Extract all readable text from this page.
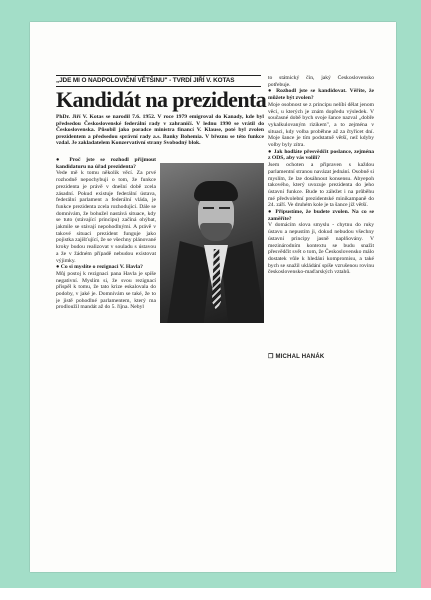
„JDE MI O NADPOLOVIČNÍ VĚTŠINU" - TVRDÍ JIŘÍ V. KOTAS
Kandidát na prezidenta
PhDr. Jiří V. Kotas se narodil 7.6. 1952. V roce 1979 emigroval do Kanady, kde byl předsedou Československé federální rady v zahraničí. V lednu 1990 se vrátil do Československa. Působil jako poradce ministra financí V. Klause, poté byl zvolen prezidentem a předsedou správní rady a.s. Banky Bohemia. V březnu se této funkce vzdal. Je zakladatelem Konzervativní strany Svobodný blok.

● Proč jste se rozhodl přijmout kandidaturu na úřad prezidenta?

Vede mě k tomu několik věcí. Za prvé rozhodně nepochybuji o tom, že funkce prezidenta je právě v dnešní době zcela zásadní. Pokud existuje federální ústava, federální parlament a federální vláda, je funkce prezidenta zcela rozhodující. Dále se domnívám, že bohužel nastává situace, kdy se tuto (stávající principu) začíná ohýbat, jakmile se stávají nepohodlnými. A právě v takové situaci prezident funguje jako pojistka zajišťující, že se všechny plánované kroky budou realizovat v souladu s ústavou a že v žádném případě nebudou existovat výjimky.

● Co si myslíte o rezignaci V. Havla?

Můj postoj k rezignaci pana Havla je spíše negativní. Myslím si, že svou rezignací přispěl k tomu, že tato krize eskalovala do podoby, v jaké je. Domnívám se také, že to je jistě pohodlné parlamentem, který ma prodloužil mandát až do 5. října. Nebyl

to státnický čin, jaký Československo potřebuje.

● Rozhodl jste se kandidovat. Věříte, že můžete být zvolen?

Moje osobnost se z principu nelíbí dělat jenom věci, u kterých je znám dopředu výsledek. V současné době bych svoje šance nazval „dobře vykalkulovaným rizikem", a to zejména v situaci, kdy volba proběhne až za čtyřicet dní. Moje šance je tím podstatně větší, než kdyby volby byly zítra.

● Jak hodláte přesvědčit poslance, zejména z ODS, aby vás volili?

Jsem ochoten a připraven s každou parlamentní stranou navázat jednání. Osobně si myslím, že lze dosáhnout konsensu. Abyepoh takového, který uvozuje prezidenta do jeho ústavní funkce. Bude to záležet i na průběhu mé předvolební prezidentské minikampaně do 24. září. Ve druhém kole je ta šance již větší.

● Připustíme, že budete zvolen. Na co se zaměříte?

V domácím slova smyslu - chytnu do ruky ústavu a nepustím ji, dokud nebudou všechny ústavní principy jasně naplňovány. V mezinárodním kontextu se budu snažit přesvědčit svět o tom, že Československo málo dostatek vůle k hledání kompromisu, a také bych se snažil ukládání spíše vzrušenou rovinu československo-maďarských vztahů.

❐ MICHAL HANÁK
